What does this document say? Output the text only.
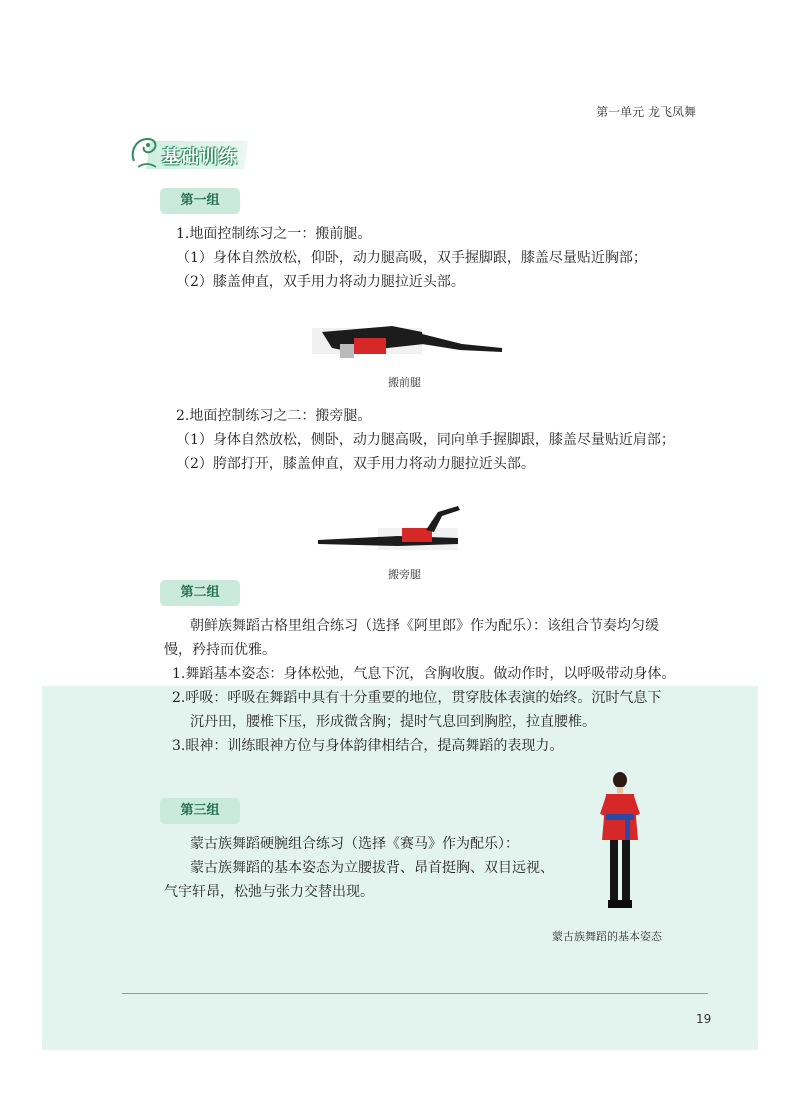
第一单元 龙飞凤舞
基础训练
第一组
1.地面控制练习之一：搬前腿。
（1）身体自然放松，仰卧，动力腿高吸，双手握脚跟，膝盖尽量贴近胸部；
（2）膝盖伸直，双手用力将动力腿拉近头部。
搬前腿
2.地面控制练习之二：搬旁腿。
（1）身体自然放松，侧卧，动力腿高吸，同向单手握脚跟，膝盖尽量贴近肩部；
（2）胯部打开，膝盖伸直，双手用力将动力腿拉近头部。
搬旁腿
第二组
朝鲜族舞蹈古格里组合练习（选择《阿里郎》作为配乐）：该组合节奏均匀缓
慢，矜持而优雅。
1.舞蹈基本姿态：身体松弛，气息下沉，含胸收腹。做动作时，以呼吸带动身体。
2.呼吸：呼吸在舞蹈中具有十分重要的地位，贯穿肢体表演的始终。沉时气息下
沉丹田，腰椎下压，形成微含胸；提时气息回到胸腔，拉直腰椎。
3.眼神：训练眼神方位与身体韵律相结合，提高舞蹈的表现力。
第三组
蒙古族舞蹈硬腕组合练习（选择《赛马》作为配乐）：
蒙古族舞蹈的基本姿态为立腰拔背、昂首挺胸、双目远视、
气宇轩昂，松弛与张力交替出现。
蒙古族舞蹈的基本姿态
19
